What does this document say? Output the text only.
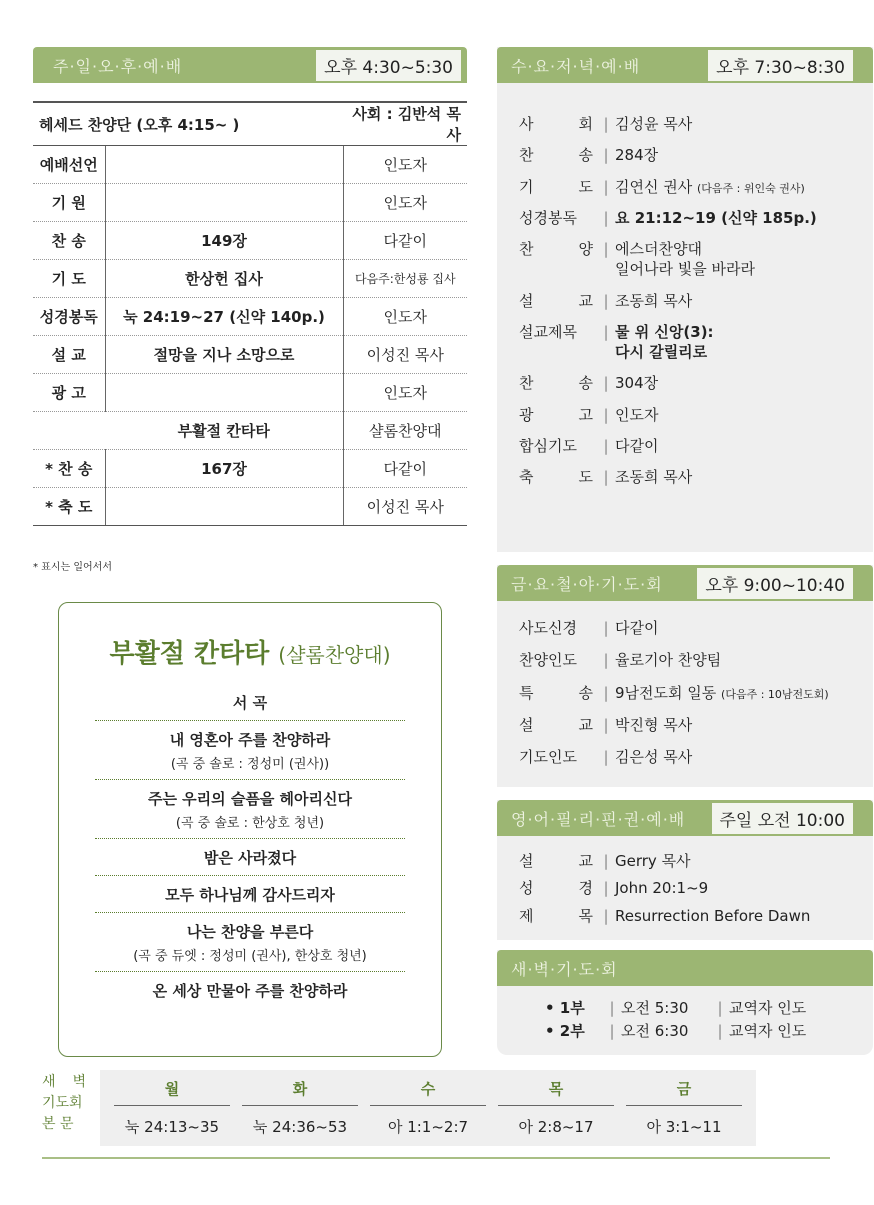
주·일·오·후·예·배	오후 4:30~5:30
헤세드 찬양단 (오후 4:15~ )		사회 : 김반석 목사
예배선언		인도자
기 원		인도자
찬 송	149장	다같이
기 도	한상헌 집사	다음주:한성룡 집사
성경봉독	눅 24:19~27 (신약 140p.)	인도자
설 교	절망을 지나 소망으로	이성진 목사
광 고		인도자
	부활절 칸타타	샬롬찬양대
* 찬 송	167장	다같이
* 축 도		이성진 목사
* 표시는 일어서서
부활절 칸타타 (샬롬찬양대)
서 곡
내 영혼아 주를 찬양하라
(곡 중 솔로 : 정성미 (권사))
주는 우리의 슬픔을 헤아리신다
(곡 중 솔로 : 한상호 청년)
밤은 사라졌다
모두 하나님께 감사드리자
나는 찬양을 부른다
(곡 중 듀엣 : 정성미 (권사), 한상호 청년)
온 세상 만물아 주를 찬양하라
수·요·저·녁·예·배	오후 7:30~8:30
사 회 | 김성윤 목사
찬 송 | 284장
기 도 | 김연신 권사 (다음주 : 위인숙 권사)
성경봉독	| 요 21:12~19 (신약 185p.)
찬 양 | 에스더찬양대
일어나라 빛을 바라라
설 교 | 조동희 목사
설교제목	| 물 위 신앙(3):
다시 갈릴리로
찬 송 | 304장
광 고 | 인도자
합심기도	| 다같이
축 도 | 조동희 목사
금·요·철·야·기·도·회	오후 9:00~10:40
사도신경	| 다같이
찬양인도	| 율로기아 찬양팀
특 송 | 9남전도회 일동 (다음주 : 10남전도회)
설 교 | 박진형 목사
기도인도	| 김은성 목사
영·어·필·리·핀·권·예·배	주일 오전 10:00
설 교 | Gerry 목사
성 경 | John 20:1~9
제 목 | Resurrection Before Dawn
새·벽·기·도·회
• 1부	| 오전 5:30	| 교역자 인도
• 2부	| 오전 6:30	| 교역자 인도
새 벽 기도회 본 문
월	화	수	목	금
눅 24:13~35	눅 24:36~53	아 1:1~2:7	아 2:8~17	아 3:1~11
